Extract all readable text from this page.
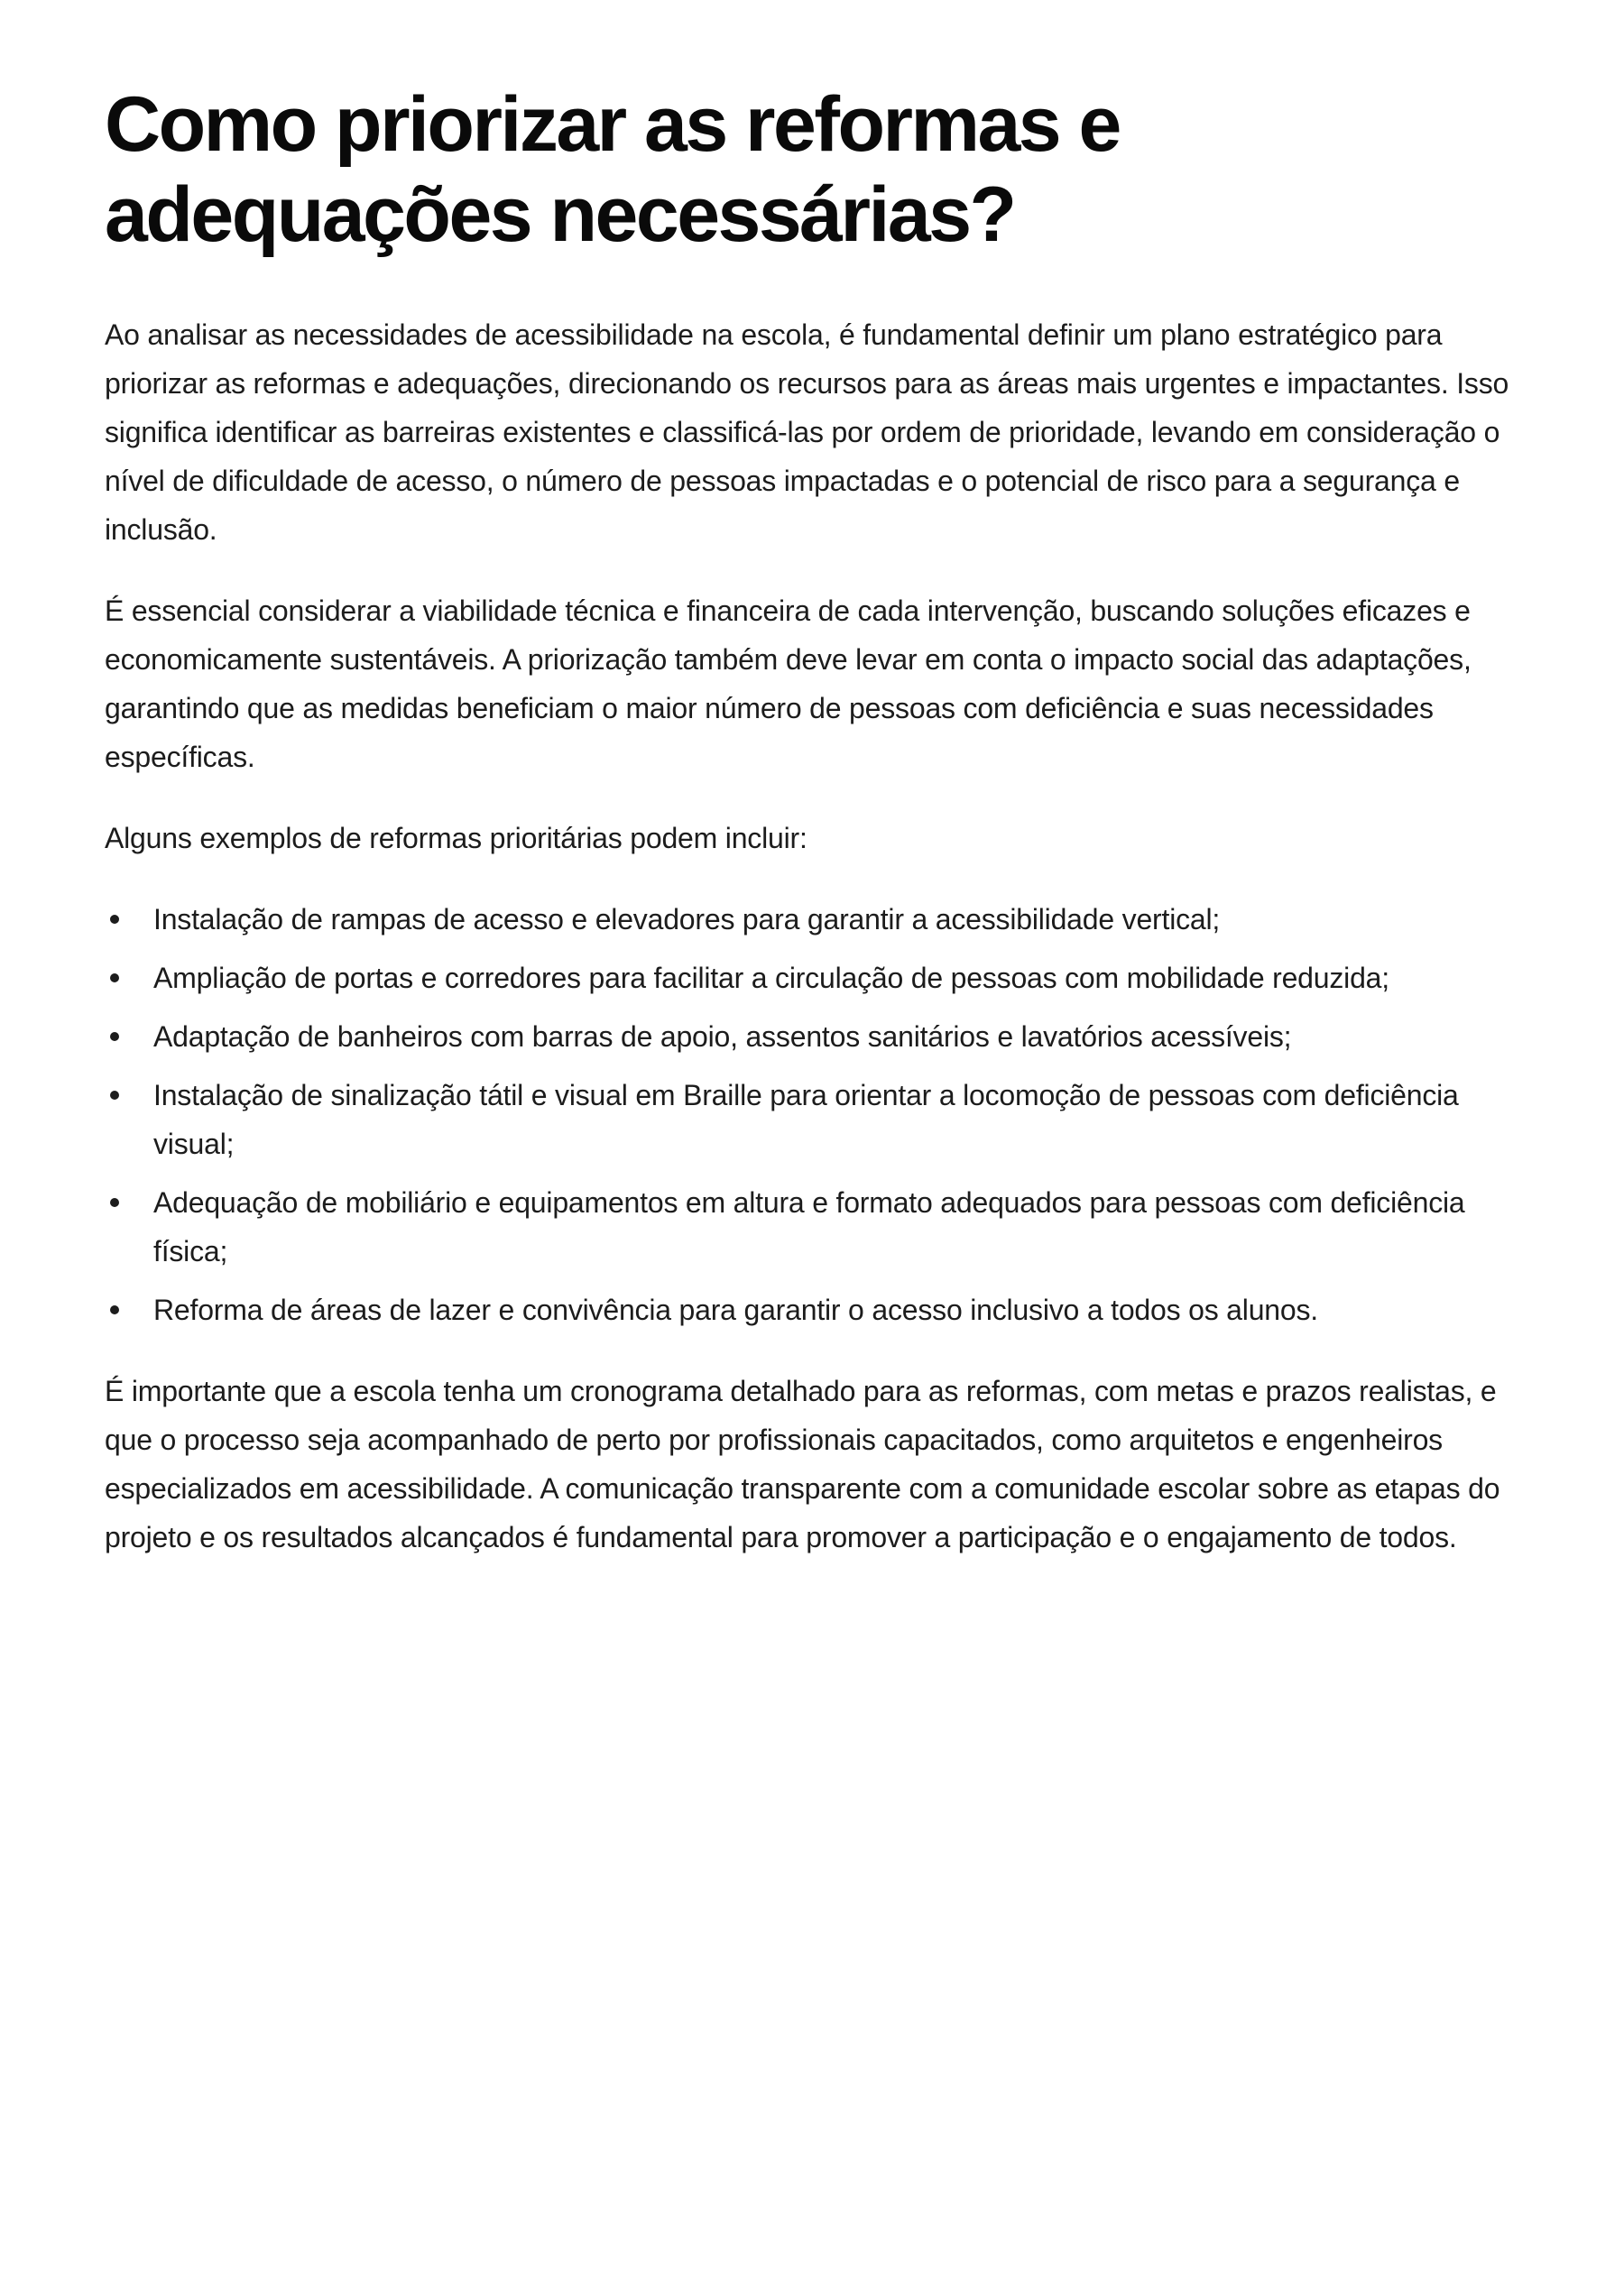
Como priorizar as reformas e
adequações necessárias?

Ao analisar as necessidades de acessibilidade na escola, é fundamental definir um plano estratégico para priorizar as reformas e adequações, direcionando os recursos para as áreas mais urgentes e impactantes. Isso significa identificar as barreiras existentes e classificá-las por ordem de prioridade, levando em consideração o nível de dificuldade de acesso, o número de pessoas impactadas e o potencial de risco para a segurança e inclusão.

É essencial considerar a viabilidade técnica e financeira de cada intervenção, buscando soluções eficazes e economicamente sustentáveis. A priorização também deve levar em conta o impacto social das adaptações, garantindo que as medidas beneficiam o maior número de pessoas com deficiência e suas necessidades específicas.

Alguns exemplos de reformas prioritárias podem incluir:

Instalação de rampas de acesso e elevadores para garantir a acessibilidade vertical;
Ampliação de portas e corredores para facilitar a circulação de pessoas com mobilidade reduzida;
Adaptação de banheiros com barras de apoio, assentos sanitários e lavatórios acessíveis;
Instalação de sinalização tátil e visual em Braille para orientar a locomoção de pessoas com deficiência visual;
Adequação de mobiliário e equipamentos em altura e formato adequados para pessoas com deficiência física;
Reforma de áreas de lazer e convivência para garantir o acesso inclusivo a todos os alunos.

É importante que a escola tenha um cronograma detalhado para as reformas, com metas e prazos realistas, e que o processo seja acompanhado de perto por profissionais capacitados, como arquitetos e engenheiros especializados em acessibilidade. A comunicação transparente com a comunidade escolar sobre as etapas do projeto e os resultados alcançados é fundamental para promover a participação e o engajamento de todos.
